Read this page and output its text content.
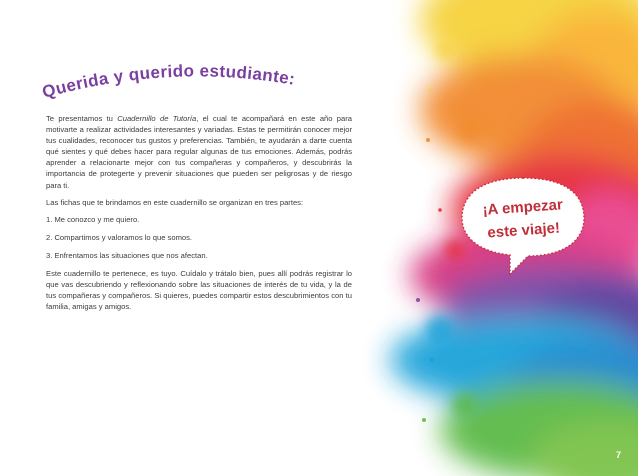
Querida y querido estudiante:

Te presentamos tu Cuadernillo de Tutoría, el cual te acompañará en este año para motivarte a realizar actividades interesantes y variadas. Estas te permitirán conocer mejor tus cualidades, reconocer tus gustos y preferencias. También, te ayudarán a darte cuenta qué sientes y qué debes hacer para regular algunas de tus emociones. Además, podrás aprender a relacionarte mejor con tus compañeras y compañeros, y descubrirás la importancia de protegerte y prevenir situaciones que pueden ser peligrosas y de riesgo para ti.

Las fichas que te brindamos en este cuadernillo se organizan en tres partes:

1. Me conozco y me quiero.
2. Compartimos y valoramos lo que somos.
3. Enfrentamos las situaciones que nos afectan.

Este cuadernillo te pertenece, es tuyo. Cuídalo y trátalo bien, pues allí podrás registrar lo que vas descubriendo y reflexionando sobre las situaciones de interés de tu vida, y la de tus compañeras y compañeros. Si quieres, puedes compartir estos descubrimientos con tu familia, amigas y amigos.

¡A empezar
este viaje!
7
